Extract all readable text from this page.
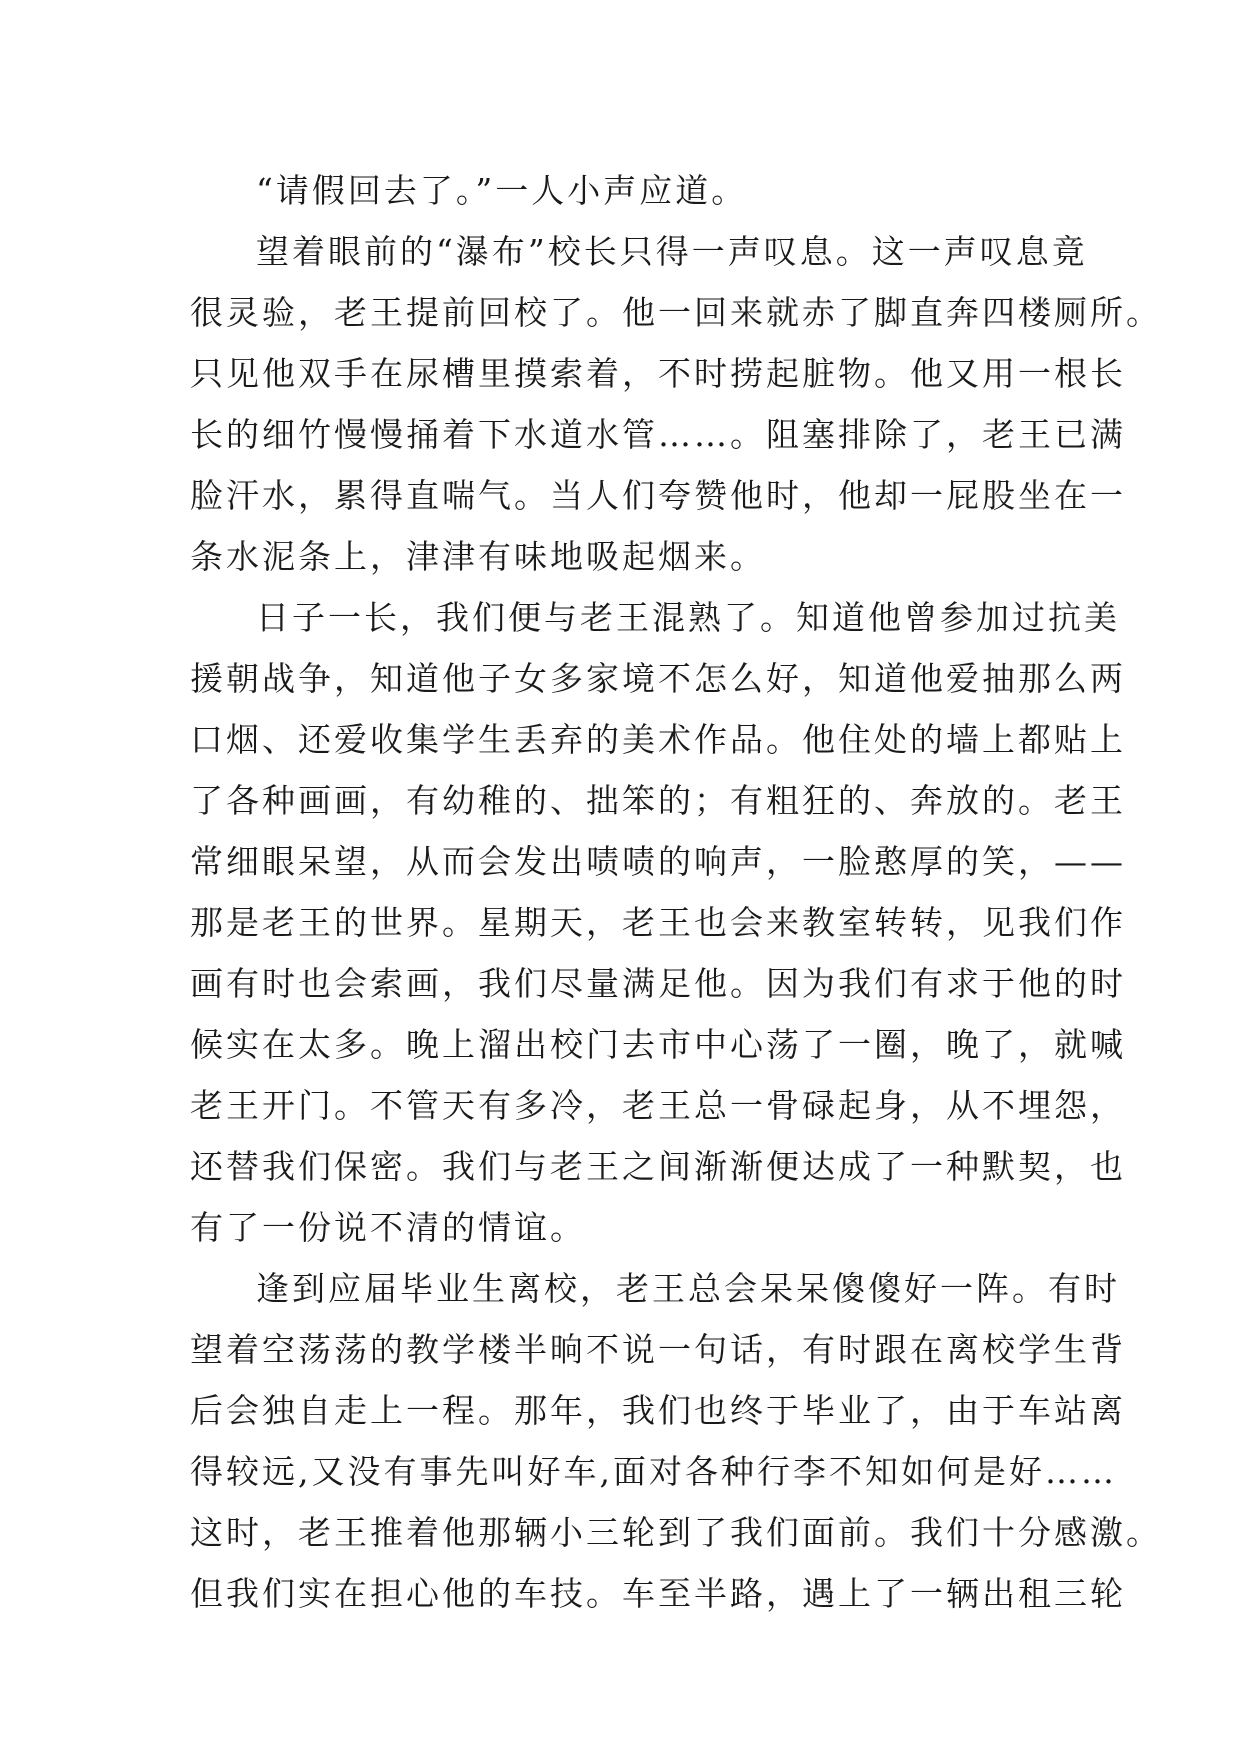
“请假回去了。”一人小声应道。
望着眼前的“瀑布”校长只得一声叹息。这一声叹息竟
很灵验，老王提前回校了。他一回来就赤了脚直奔四楼厕所。
只见他双手在尿槽里摸索着，不时捞起脏物。他又用一根长
长的细竹慢慢捅着下水道水管……。阻塞排除了，老王已满
脸汗水，累得直喘气。当人们夸赞他时，他却一屁股坐在一
条水泥条上，津津有味地吸起烟来。
日子一长，我们便与老王混熟了。知道他曾参加过抗美
援朝战争，知道他子女多家境不怎么好，知道他爱抽那么两
口烟、还爱收集学生丢弃的美术作品。他住处的墙上都贴上
了各种画画，有幼稚的、拙笨的；有粗狂的、奔放的。老王
常细眼呆望，从而会发出啧啧的响声，一脸憨厚的笑，——
那是老王的世界。星期天，老王也会来教室转转，见我们作
画有时也会索画，我们尽量满足他。因为我们有求于他的时
候实在太多。晚上溜出校门去市中心荡了一圈，晚了，就喊
老王开门。不管天有多冷，老王总一骨碌起身，从不埋怨，
还替我们保密。我们与老王之间渐渐便达成了一种默契，也
有了一份说不清的情谊。
逢到应届毕业生离校，老王总会呆呆傻傻好一阵。有时
望着空荡荡的教学楼半晌不说一句话，有时跟在离校学生背
后会独自走上一程。那年，我们也终于毕业了，由于车站离
得较远,又没有事先叫好车,面对各种行李不知如何是好……
这时，老王推着他那辆小三轮到了我们面前。我们十分感激。
但我们实在担心他的车技。车至半路，遇上了一辆出租三轮
